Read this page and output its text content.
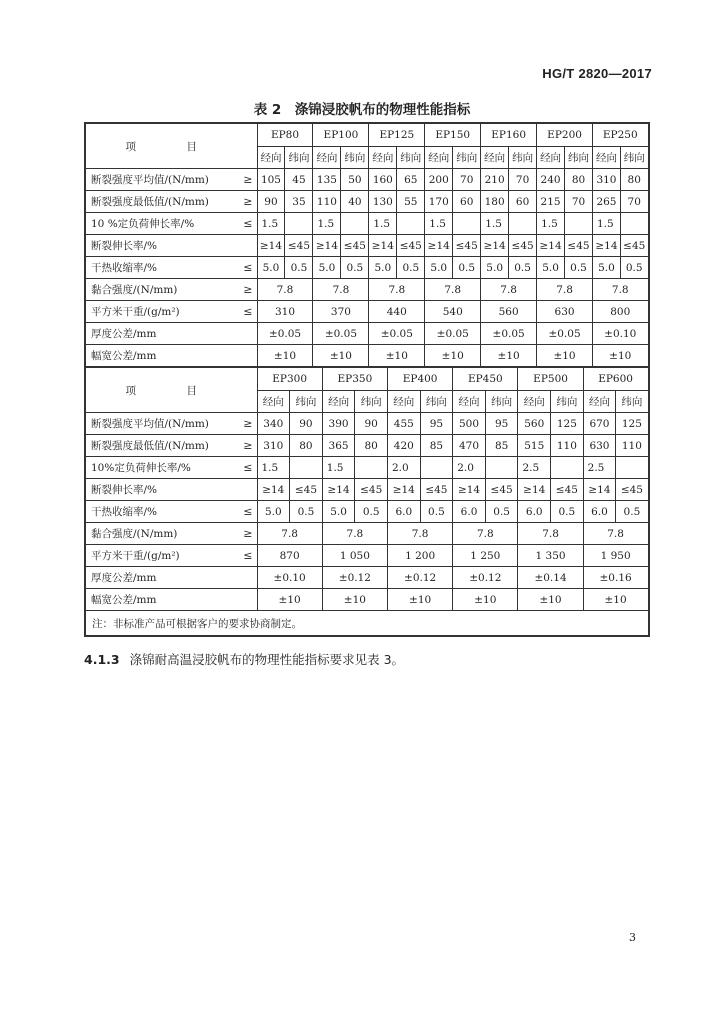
HG/T 2820—2017
表 2　涤锦浸胶帆布的物理性能指标
项　目		EP80			EP100				EP125				EP150		EP160				EP200				EP250		
		经向	纬向		经向		纬向		经向		纬向		经向	纬向	经向		纬向		经向		纬向		经向		纬向
断裂强度平均值/(N/mm)	≥	105	45		135		50		160		65		200	70	210		70		240		80		310		80
断裂强度最低值/(N/mm)	≥	90	35		110		40		130		55		170	60	180		60		215		70		265		70
10 %定负荷伸长率/%	≤	1.5			1.5				1.5				1.5		1.5				1.5				1.5		
断裂伸长率/%		≥14	≤45		≥14		≤45		≥14		≤45		≥14	≤45	≥14		≤45		≥14		≤45		≥14		≤45
干热收缩率/%	≤	5.0	0.5		5.0		0.5		5.0		0.5		5.0	0.5	5.0		0.5		5.0		0.5		5.0		0.5
黏合强度/(N/mm)	≥	7.8			7.8				7.8				7.8		7.8				7.8				7.8		
平方米干重/(g/m²)	≤	310			370				440				540		560				630				800		
厚度公差/mm		±0.05			±0.05				±0.05				±0.05		±0.05				±0.05				±0.10		
幅宽公差/mm		±10			±10				±10				±10		±10				±10				±10		
项　目		EP300				EP350				EP400				EP450				EP500				EP600			
		经向		纬向		经向		纬向		经向		纬向		经向		纬向		经向		纬向		经向		纬向	
断裂强度平均值/(N/mm)	≥	340		90		390		90		455		95		500		95		560		125		670		125	
断裂强度最低值/(N/mm)	≥	310		80		365		80		420		85		470		85		515		110		630		110	
10%定负荷伸长率/%	≤	1.5				1.5				2.0				2.0				2.5				2.5			
断裂伸长率/%		≥14		≤45		≥14		≤45		≥14		≤45		≥14		≤45		≥14		≤45		≥14		≤45	
干热收缩率/%	≤	5.0		0.5		5.0		0.5		6.0		0.5		6.0		0.5		6.0		0.5		6.0		0.5	
黏合强度/(N/mm)	≥	7.8				7.8				7.8				7.8				7.8				7.8			
平方米干重/(g/m²)	≤	870				1 050				1 200				1 250				1 350				1 950			
厚度公差/mm		±0.10				±0.12				±0.12				±0.12				±0.14				±0.16			
幅宽公差/mm		±10				±10				±10				±10				±10				±10			
注：非标准产品可根据客户的要求协商制定。																									
4.1.3 涤锦耐高温浸胶帆布的物理性能指标要求见表 3。
3
